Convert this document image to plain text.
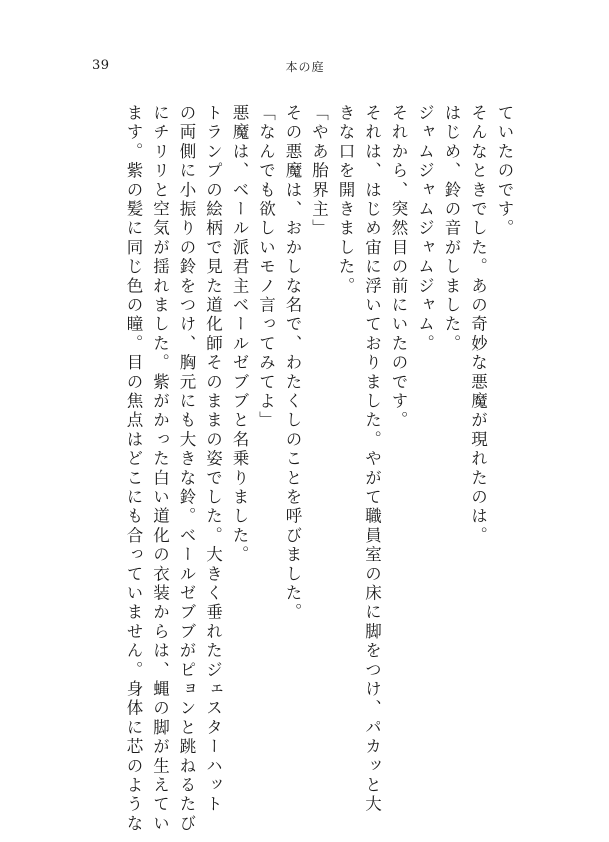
39	本の庭
ていたのです。
そんなときでした。あの奇妙な悪魔が現れたのは。
はじめ、鈴の音がしました。
ジャムジャムジャムジャム。
それから、突然目の前にいたのです。
それは、はじめ宙に浮いておりました。やがて職員室の床に脚をつけ、パカッと大
きな口を開きました。
「やあ胎界主」
その悪魔は、おかしな名で、わたくしのことを呼びました。
「なんでも欲しいモノ言ってみてよ」
悪魔は、ベール派君主ベールゼブブと名乗りました。
トランプの絵柄で見た道化師そのままの姿でした。大きく垂れたジェスターハット
の両側に小振りの鈴をつけ、胸元にも大きな鈴。ベールゼブブがピョンと跳ねるたび
にチリリと空気が揺れました。紫がかった白い道化の衣装からは、蝿の脚が生えてい
ます。紫の髪に同じ色の瞳。目の焦点はどこにも合っていません。身体に芯のような
